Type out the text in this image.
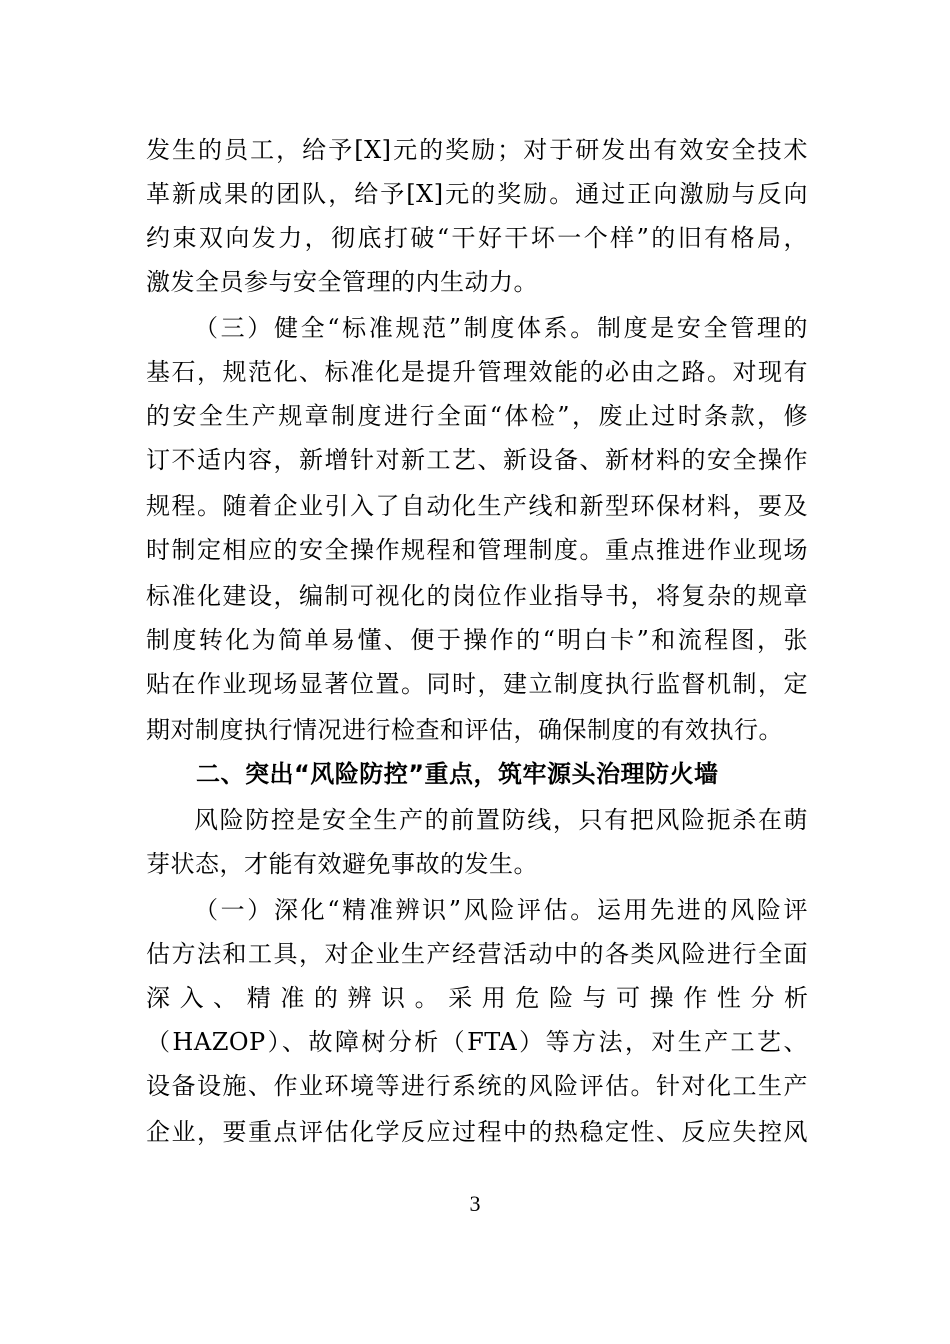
发生的员工，给予[X]元的奖励；对于研发出有效安全技术
革新成果的团队，给予[X]元的奖励。通过正向激励与反向
约束双向发力，彻底打破“干好干坏一个样”的旧有格局，
激发全员参与安全管理的内生动力。
（三）健全“标准规范”制度体系。制度是安全管理的
基石，规范化、标准化是提升管理效能的必由之路。对现有
的安全生产规章制度进行全面“体检”，废止过时条款，修
订不适内容，新增针对新工艺、新设备、新材料的安全操作
规程。随着企业引入了自动化生产线和新型环保材料，要及
时制定相应的安全操作规程和管理制度。重点推进作业现场
标准化建设，编制可视化的岗位作业指导书，将复杂的规章
制度转化为简单易懂、便于操作的“明白卡”和流程图，张
贴在作业现场显著位置。同时，建立制度执行监督机制，定
期对制度执行情况进行检查和评估，确保制度的有效执行。
二、突出“风险防控”重点，筑牢源头治理防火墙
风险防控是安全生产的前置防线，只有把风险扼杀在萌
芽状态，才能有效避免事故的发生。
（一）深化“精准辨识”风险评估。运用先进的风险评
估方法和工具，对企业生产经营活动中的各类风险进行全面
深入、精准的辨识。采用危险与可操作性分析
（HAZOP）、故障树分析（FTA）等方法，对生产工艺、
设备设施、作业环境等进行系统的风险评估。针对化工生产
企业，要重点评估化学反应过程中的热稳定性、反应失控风
3
